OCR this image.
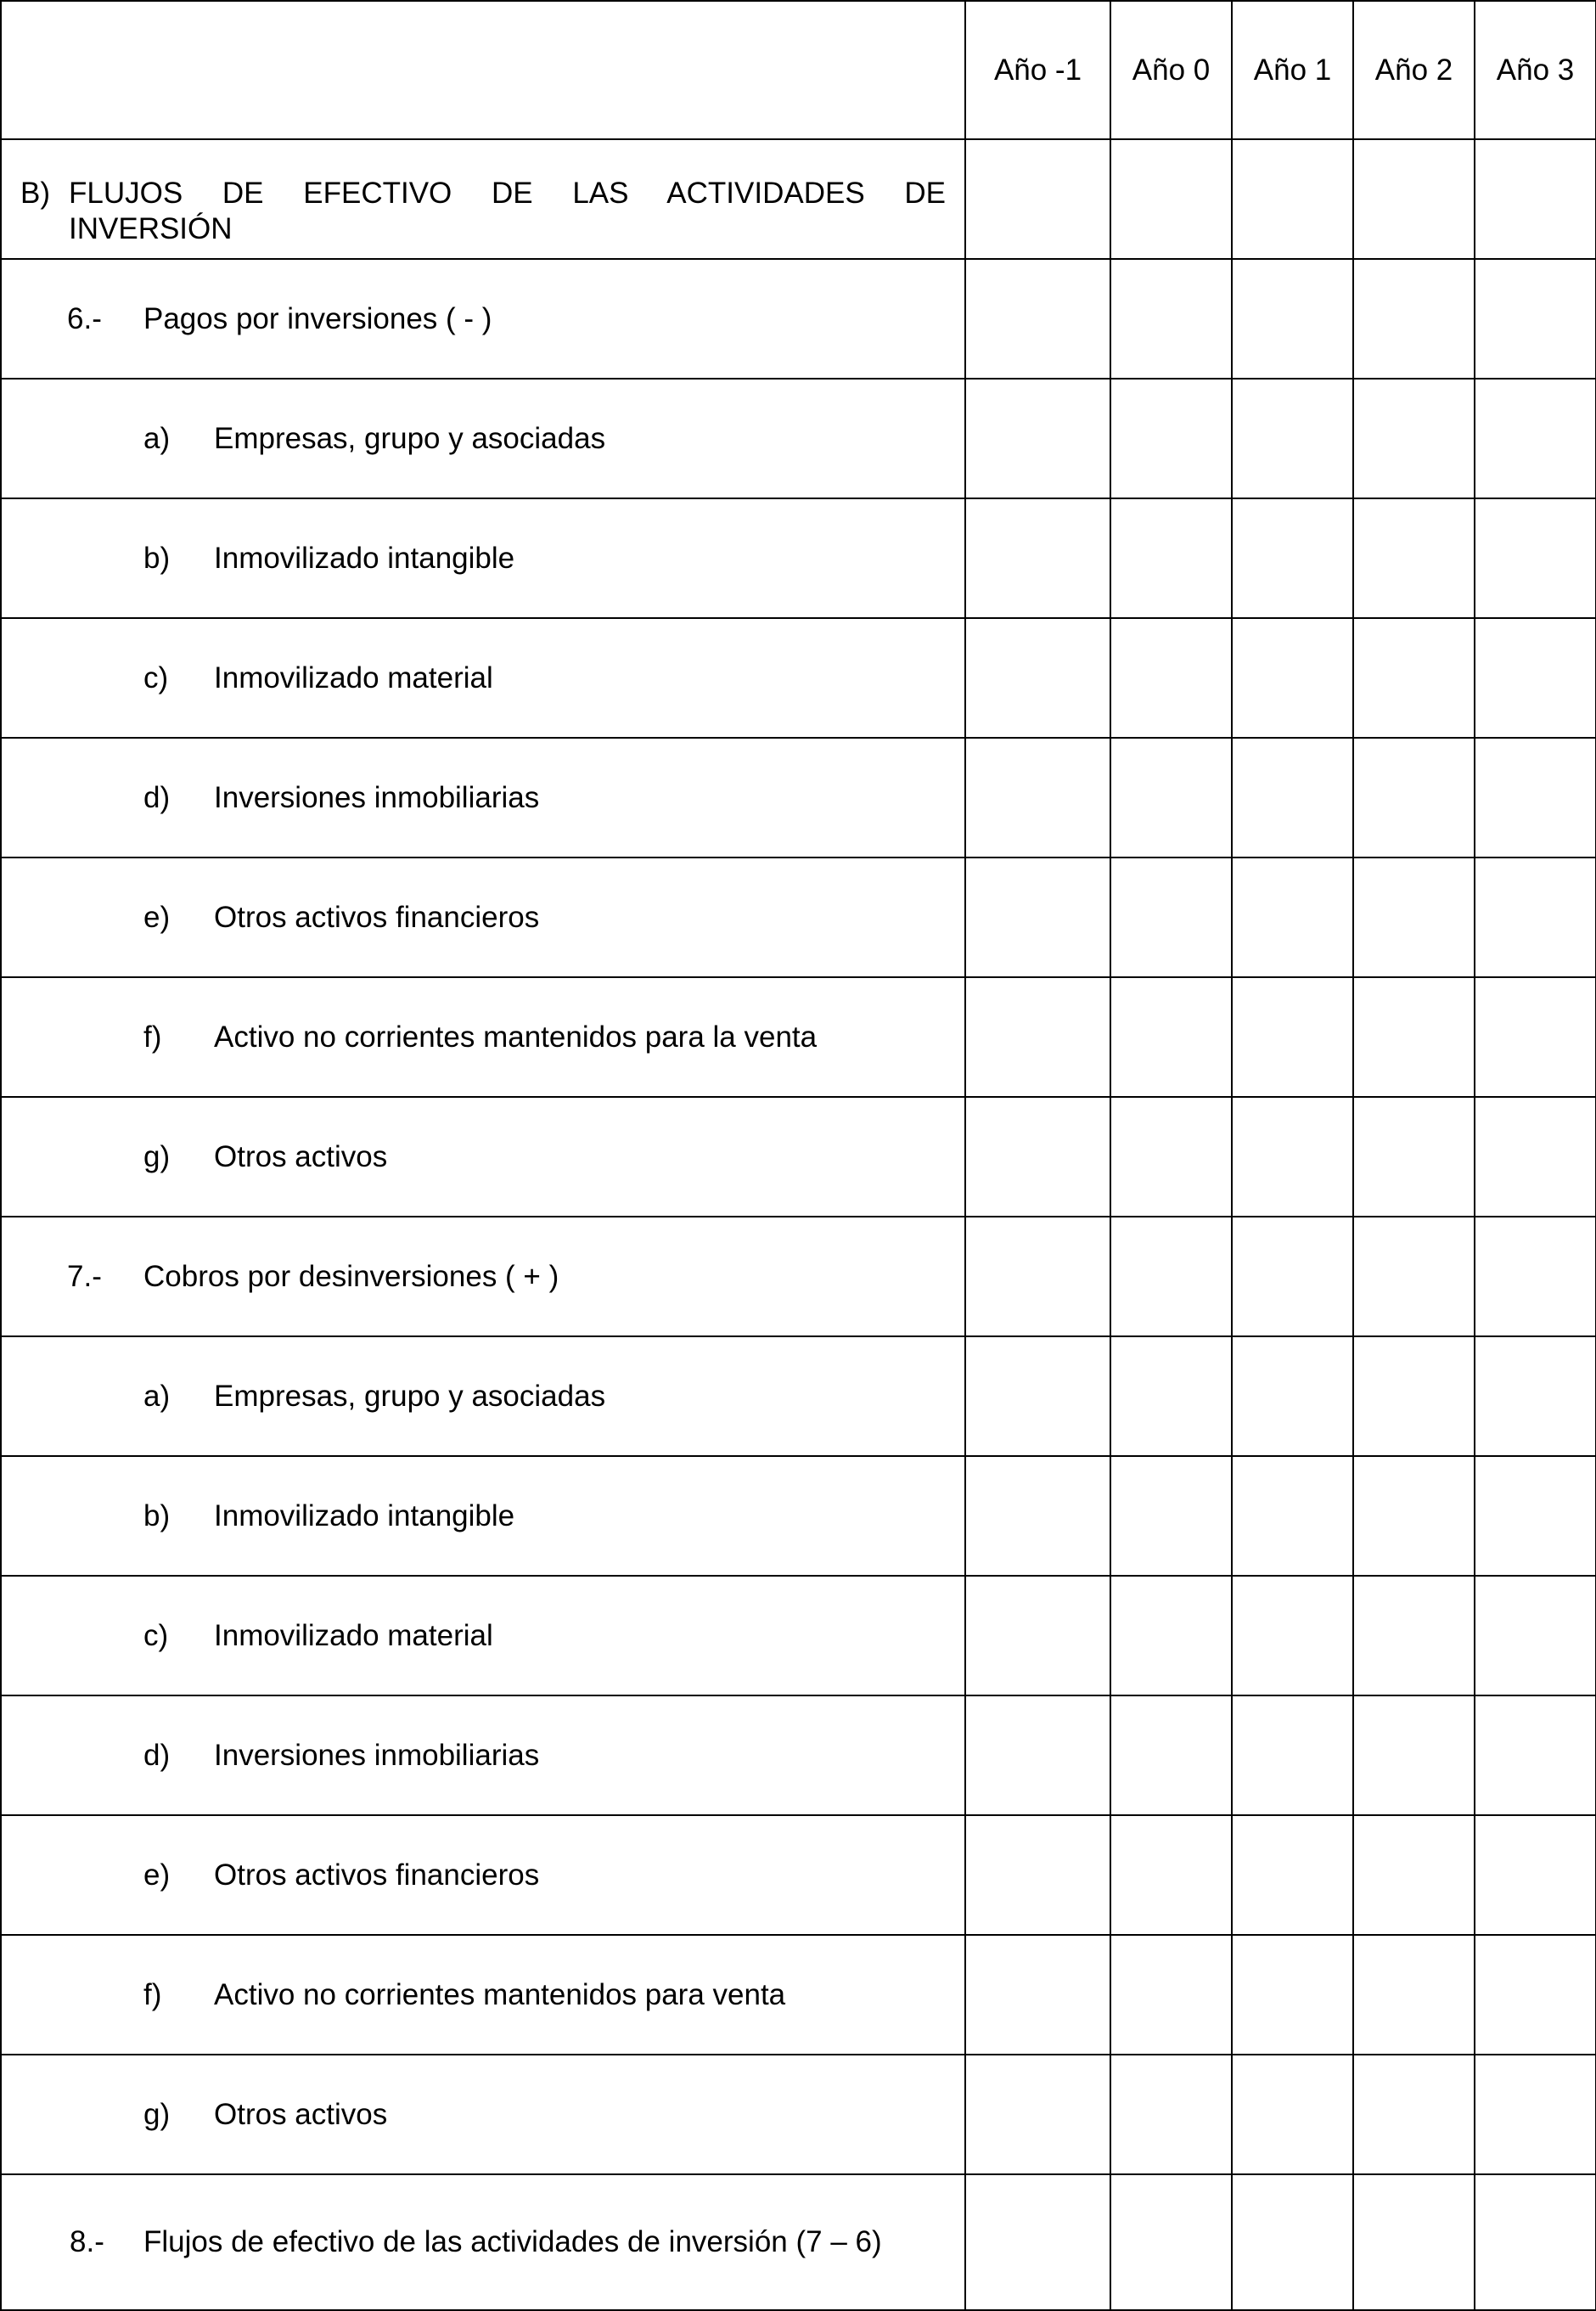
	Año -1	Año 0	Año 1	Año 2	Año 3

B) FLUJOS DE EFECTIVO DE LAS ACTIVIDADES DE
INVERSIÓN					

6.- Pagos por inversiones ( - )					

a) Empresas, grupo y asociadas					

b) Inmovilizado intangible					

c) Inmovilizado material					

d) Inversiones inmobiliarias					

e) Otros activos financieros					

f) Activo no corrientes mantenidos para la venta					

g) Otros activos					

7.- Cobros por desinversiones ( + )					

a) Empresas, grupo y asociadas					

b) Inmovilizado intangible					

c) Inmovilizado material					

d) Inversiones inmobiliarias					

e) Otros activos financieros					

f) Activo no corrientes mantenidos para venta					

g) Otros activos					

8.- Flujos de efectivo de las actividades de inversión (7 – 6)					
